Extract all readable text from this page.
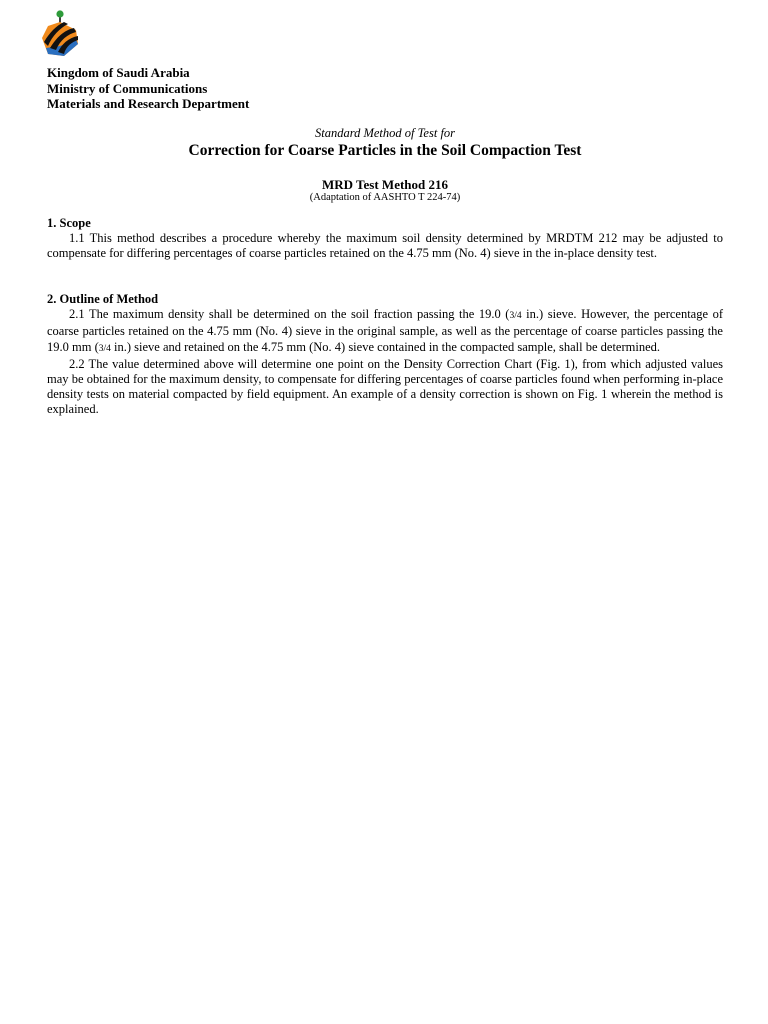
Kingdom of Saudi Arabia
Ministry of Communications
Materials and Research Department
Standard Method of Test for
Correction for Coarse Particles in the Soil Compaction Test
MRD Test Method 216
(Adaptation of AASHTO T 224-74)
1. Scope

1.1 This method describes a procedure whereby the maximum soil density determined by MRDTM 212 may be adjusted to compensate for differing percentages of coarse particles retained on the 4.75 mm (No. 4) sieve in the in-place density test.

2. Outline of Method

2.1 The maximum density shall be determined on the soil fraction passing the 19.0 (3/4 in.) sieve. However, the percentage of coarse particles retained on the 4.75 mm (No. 4) sieve in the original sample, as well as the percentage of coarse particles passing the 19.0 mm (3/4 in.) sieve and retained on the 4.75 mm (No. 4) sieve contained in the compacted sample, shall be determined.

2.2 The value determined above will determine one point on the Density Correction Chart (Fig. 1), from which adjusted values may be obtained for the maximum density, to compensate for differing percentages of coarse particles found when performing in-place density tests on material compacted by field equipment. An example of a density correction is shown on Fig. 1 wherein the method is explained.
